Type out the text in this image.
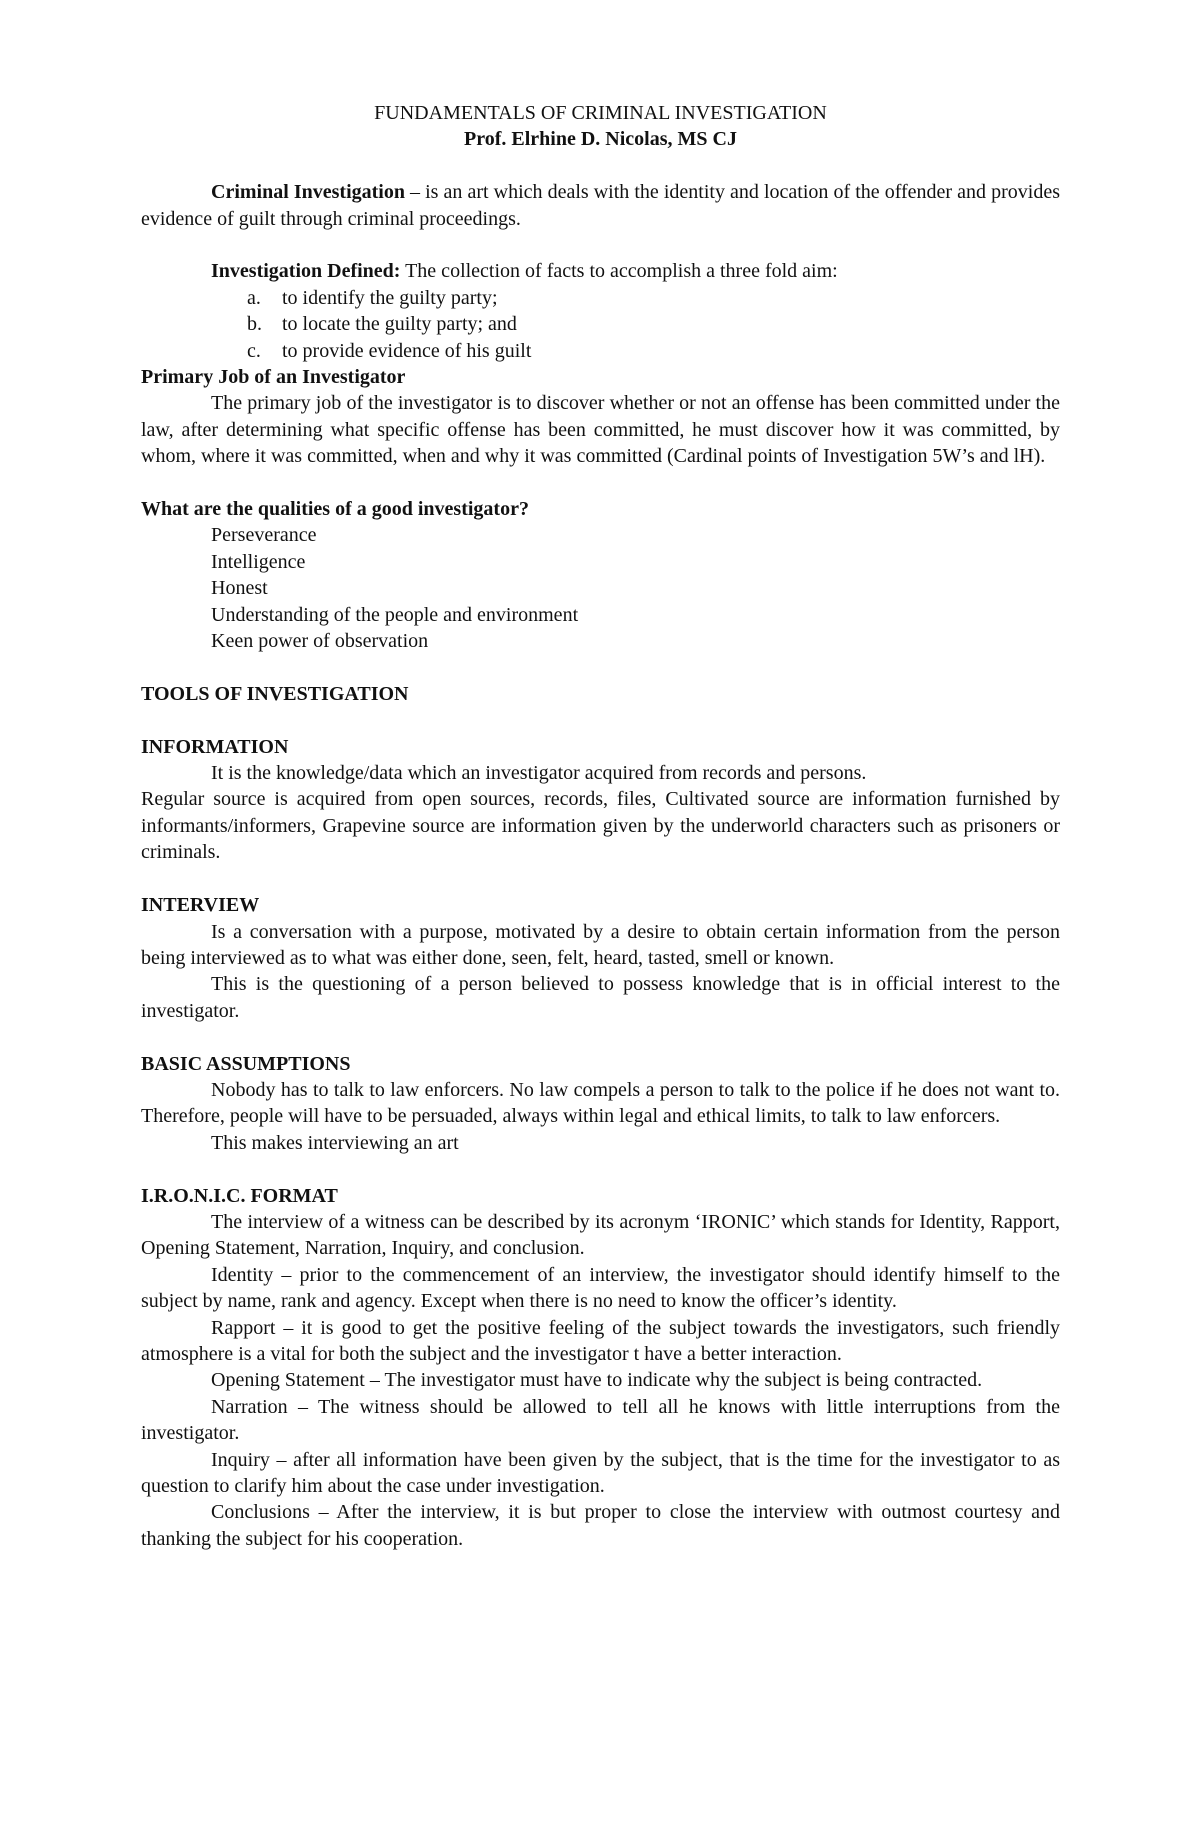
FUNDAMENTALS OF CRIMINAL INVESTIGATION

Prof. Elrhine D. Nicolas, MS CJ

Criminal Investigation – is an art which deals with the identity and location of the offender and provides evidence of guilt through criminal proceedings.

Investigation Defined: The collection of facts to accomplish a three fold aim:

a. to identify the guilty party;
b. to locate the guilty party; and
c. to provide evidence of his guilt

Primary Job of an Investigator

The primary job of the investigator is to discover whether or not an offense has been committed under the law, after determining what specific offense has been committed, he must discover how it was committed, by whom, where it was committed, when and why it was committed (Cardinal points of Investigation 5W’s and lH).

What are the qualities of a good investigator?

Perseverance
Intelligence
Honest
Understanding of the people and environment
Keen power of observation

TOOLS OF INVESTIGATION

INFORMATION

It is the knowledge/data which an investigator acquired from records and persons.

Regular source is acquired from open sources, records, files, Cultivated source are information furnished by informants/informers, Grapevine source are information given by the underworld characters such as prisoners or criminals.

INTERVIEW

Is a conversation with a purpose, motivated by a desire to obtain certain information from the person being interviewed as to what was either done, seen, felt, heard, tasted, smell or known.

This is the questioning of a person believed to possess knowledge that is in official interest to the investigator.

BASIC ASSUMPTIONS

Nobody has to talk to law enforcers. No law compels a person to talk to the police if he does not want to. Therefore, people will have to be persuaded, always within legal and ethical limits, to talk to law enforcers.

This makes interviewing an art

I.R.O.N.I.C. FORMAT

The interview of a witness can be described by its acronym ‘IRONIC’ which stands for Identity, Rapport, Opening Statement, Narration, Inquiry, and conclusion.

Identity – prior to the commencement of an interview, the investigator should identify himself to the subject by name, rank and agency. Except when there is no need to know the officer’s identity.

Rapport – it is good to get the positive feeling of the subject towards the investigators, such friendly atmosphere is a vital for both the subject and the investigator t have a better interaction.

Opening Statement – The investigator must have to indicate why the subject is being contracted.

Narration – The witness should be allowed to tell all he knows with little interruptions from the investigator.

Inquiry – after all information have been given by the subject, that is the time for the investigator to as question to clarify him about the case under investigation.

Conclusions – After the interview, it is but proper to close the interview with outmost courtesy and thanking the subject for his cooperation.
